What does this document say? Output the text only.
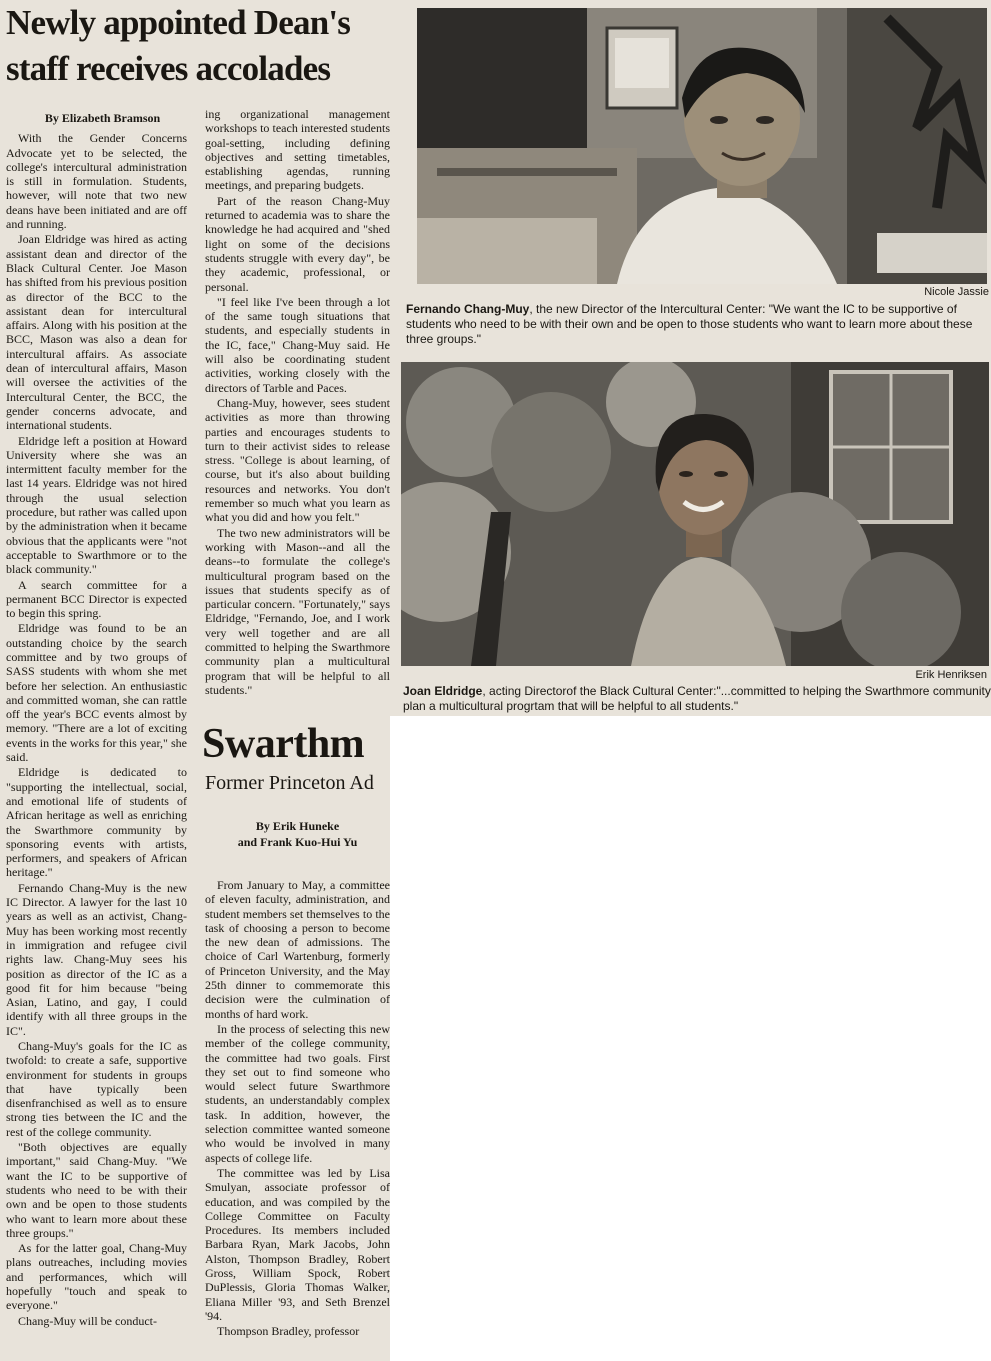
Newly appointed Dean's staff receives accolades

By Elizabeth Bramson

With the Gender Concerns Advocate yet to be selected, the college's intercultural administration is still in formulation. Students, however, will note that two new deans have been initiated and are off and running.

Joan Eldridge was hired as acting assistant dean and director of the Black Cultural Center. Joe Mason has shifted from his previous position as director of the BCC to the assistant dean for intercultural affairs. Along with his position at the BCC, Mason was also a dean for intercultural affairs. As associate dean of intercultural affairs, Mason will oversee the activities of the Intercultural Center, the BCC, the gender concerns advocate, and international students.

Eldridge left a position at Howard University where she was an intermittent faculty member for the last 14 years. Eldridge was not hired through the usual selection procedure, but rather was called upon by the administration when it became obvious that the applicants were "not acceptable to Swarthmore or to the black community."

A search committee for a permanent BCC Director is expected to begin this spring.

Eldridge was found to be an outstanding choice by the search committee and by two groups of SASS students with whom she met before her selection. An enthusiastic and committed woman, she can rattle off the year's BCC events almost by memory. "There are a lot of exciting events in the works for this year," she said.

Eldridge is dedicated to "supporting the intellectual, social, and emotional life of students of African heritage as well as enriching the Swarthmore community by sponsoring events with artists, performers, and speakers of African heritage."

Fernando Chang-Muy is the new IC Director. A lawyer for the last 10 years as well as an activist, Chang-Muy has been working most recently in immigration and refugee civil rights law. Chang-Muy sees his position as director of the IC as a good fit for him because "being Asian, Latino, and gay, I could identify with all three groups in the IC".

Chang-Muy's goals for the IC as twofold: to create a safe, supportive environment for students in groups that have typically been disenfranchised as well as to ensure strong ties between the IC and the rest of the college community.

"Both objectives are equally important," said Chang-Muy. "We want the IC to be supportive of students who need to be with their own and be open to those students who want to learn more about these three groups."

As for the latter goal, Chang-Muy plans outreaches, including movies and performances, which will hopefully "touch and speak to everyone."

Chang-Muy will be conduct-

ing organizational management workshops to teach interested students goal-setting, including defining objectives and setting timetables, establishing agendas, running meetings, and preparing budgets.

Part of the reason Chang-Muy returned to academia was to share the knowledge he had acquired and "shed light on some of the decisions students struggle with every day", be they academic, professional, or personal.

"I feel like I've been through a lot of the same tough situations that students, and especially students in the IC, face," Chang-Muy said. He will also be coordinating student activities, working closely with the directors of Tarble and Paces.

Chang-Muy, however, sees student activities as more than throwing parties and encourages students to turn to their activist sides to release stress. "College is about learning, of course, but it's also about building resources and networks. You don't remember so much what you learn as what you did and how you felt."

The two new administrators will be working with Mason--and all the deans--to formulate the college's multicultural program based on the issues that students specify as of particular concern. "Fortunately," says Eldridge, "Fernando, Joe, and I work very well together and are all committed to helping the Swarthmore community plan a multicultural program that will be helpful to all students."

Swarthm
Former Princeton Ad
By Erik Huneke
and Frank Kuo-Hui Yu

From January to May, a committee of eleven faculty, administration, and student members set themselves to the task of choosing a person to become the new dean of admissions. The choice of Carl Wartenburg, formerly of Princeton University, and the May 25th dinner to commemorate this decision were the culmination of months of hard work.

In the process of selecting this new member of the college community, the committee had two goals. First they set out to find someone who would select future Swarthmore students, an understandably complex task. In addition, however, the selection committee wanted someone who would be involved in many aspects of college life.

The committee was led by Lisa Smulyan, associate professor of education, and was compiled by the College Committee on Faculty Procedures. Its members included Barbara Ryan, Mark Jacobs, John Alston, Thompson Bradley, Robert Gross, William Spock, Robert DuPlessis, Gloria Thomas Walker, Eliana Miller '93, and Seth Brenzel '94.

Thompson Bradley, professor

Nicole Jassie
Fernando Chang-Muy, the new Director of the Intercultural Center: "We want the IC to be supportive of students who need to be with their own and be open to those students who want to learn more about these three groups."
Erik Henriksen
Joan Eldridge, acting Directorof the Black Cultural Center:"...committed to helping the Swarthmore community plan a multicultural progrtam that will be helpful to all students."
